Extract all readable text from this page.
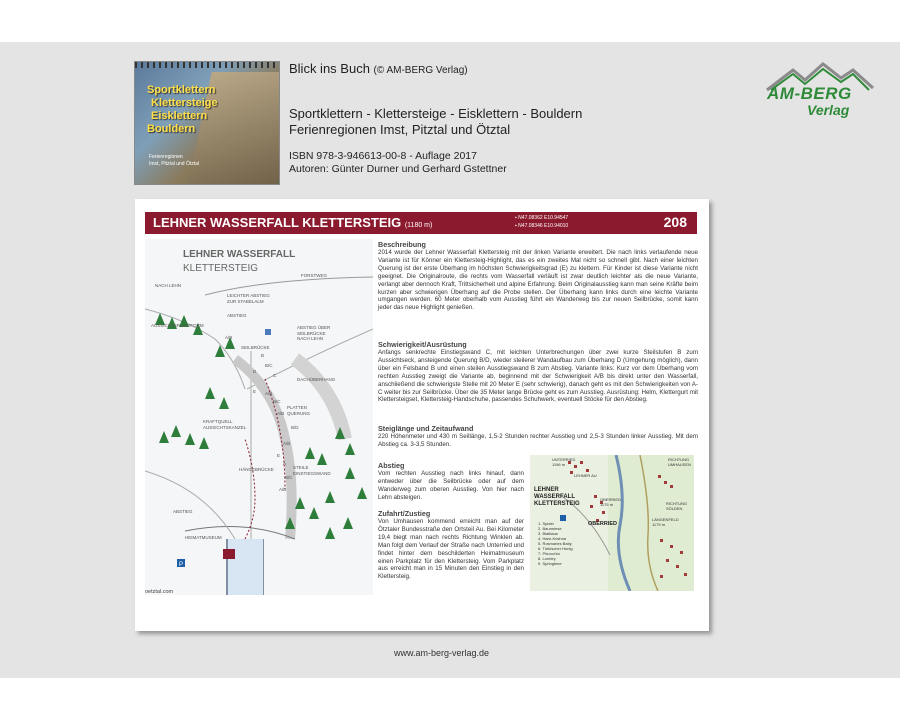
Sportklettern
Klettersteige
Eisklettern
Bouldern
Ferienregionen
Imst, Pitztal und Ötztal
Blick ins Buch (© AM-BERG Verlag)
Sportklettern - Klettersteige - Eisklettern - Bouldern
Ferienregionen Imst, Pitztal und Ötztal
ISBN 978-3-946613-00-8 - Auflage 2017
Autoren: Günter Durner und Gerhard Gstettner
AM-BERG
Verlag
LEHNER WASSERFALL KLETTERSTEIG (1180 m)
▪ N47.08362 E10.94547
▪ N47.08346 E10.94010	208
P
LEHNER WASSERFALL
KLETTERSTEIG
FORSTWEG
NACH LEHN
LEICHTER ABSTIEG
ZUR STABELALM
ABSTIEG
AUSSICHTSPLATTFORM	ABSTIEG ÜBER
SEILBRÜCKE
NACH LEHN
SEILBRÜCKE
DACHÜBERHANG
PLATTEN
QUERUNG
KRAFTQUELL
AUSSICHTSKANZEL
HÄNGEBRÜCKE	STEILE
EINSTIEGSWAND
ABSTIEG
HEIMATMUSEUM
A/B
B
B/C
C
D
E A/B
B/C
A/B
B/D
A/B
E
A
B/C
A/B
oetztal.com
Beschreibung

2014 wurde der Lehner Wasserfall Klettersteig mit der linken Variante erweitert. Die nach links verlaufende neue Variante ist für Könner ein Klettersteig-Highlight, das es ein zweites Mal nicht so schnell gibt. Nach einer leichten Querung ist der erste Überhang im höchsten Schwierigkeitsgrad (E) zu klettern. Für Kinder ist diese Variante nicht geeignet. Die Originalroute, die rechts vom Wasserfall verläuft ist zwar deutlich leichter als die neue Variante, verlangt aber dennoch Kraft, Trittsicherheit und alpine Erfahrung. Beim Originalausstieg kann man seine Kräfte beim kurzen aber schwierigen Überhang auf die Probe stellen. Der Überhang kann links durch eine leichte Variante umgangen werden. 60 Meter oberhalb vom Ausstieg führt ein Wanderweg bis zur neuen Seilbrücke, somit kann jeder das neue Highlight genießen.

Schwierigkeit/Ausrüstung

Anfangs senkrechte Einstiegswand C, mit leichten Unterbrechungen über zwei kurze Steilstufen B zum Aussichtseck, ansteigende Querung B/D, wieder steilerer Wandaufbau zum Überhang D (Umgehung möglich), dann über ein Felsband B und einen steilen Ausstiegswand B zum Abstieg. Variante links: Kurz vor dem Überhang vom rechten Ausstieg zweigt die Variante ab, beginnend mit der Schwierigkeit A/B bis direkt unter den Wasserfall, anschließend die schwierigste Stelle mit 20 Meter E (sehr schwierig), danach geht es mit den Schwierigkeiten von A-C weiter bis zur Seilbrücke. Über die 35 Meter lange Brücke geht es zum Ausstieg. Ausrüstung: Helm, Klettergurt mit Klettersteigset, Klettersteig-Handschuhe, passendes Schuhwerk, eventuell Stöcke für den Abstieg.

Steiglänge und Zeitaufwand

220 Höhenmeter und 430 m Seillänge, 1,5-2 Stunden rechter Ausstieg und 2,5-3 Stunden linker Ausstieg. Mit dem Abstieg ca. 3-3,5 Stunden.

Abstieg

Vom rechten Ausstieg nach links hinauf, dann entweder über die Seilbrücke oder auf dem Wanderweg zum oberen Ausstieg. Von hier nach Lehn absteigen.

Zufahrt/Zustieg

Von Umhausen kommend erreicht man auf der Ötztaler Bundesstraße den Ortsteil Au. Bei Kilometer 19,4 biegt man nach rechts Richtung Winklen ab. Man folgt dem Verlauf der Straße nach Unterried und findet hinter dem beschilderten Heimatmuseum einen Parkplatz für den Klettersteig. Vom Parkplatz aus erreicht man in 15 Minuten den Einstieg in den Klettersteig.

UNTERRIED
1196 m
LEHNER AU
RICHTUNG
UMHAUSEN
LEHNER
WASSERFALL
KLETTERSTEIG
OBERRIED
1175 m	RICHTUNG
SÖLDEN
OBERRIED
LÄNGENFELD
1179 m
1. Spider
2. Baumriese
3. Blattlaus
4. Hare-Krishna
5. Rosmaries Baby
6. Türkischer Honig
7. Pinocchio
8. Loreley
9. Springtime
www.am-berg-verlag.de
